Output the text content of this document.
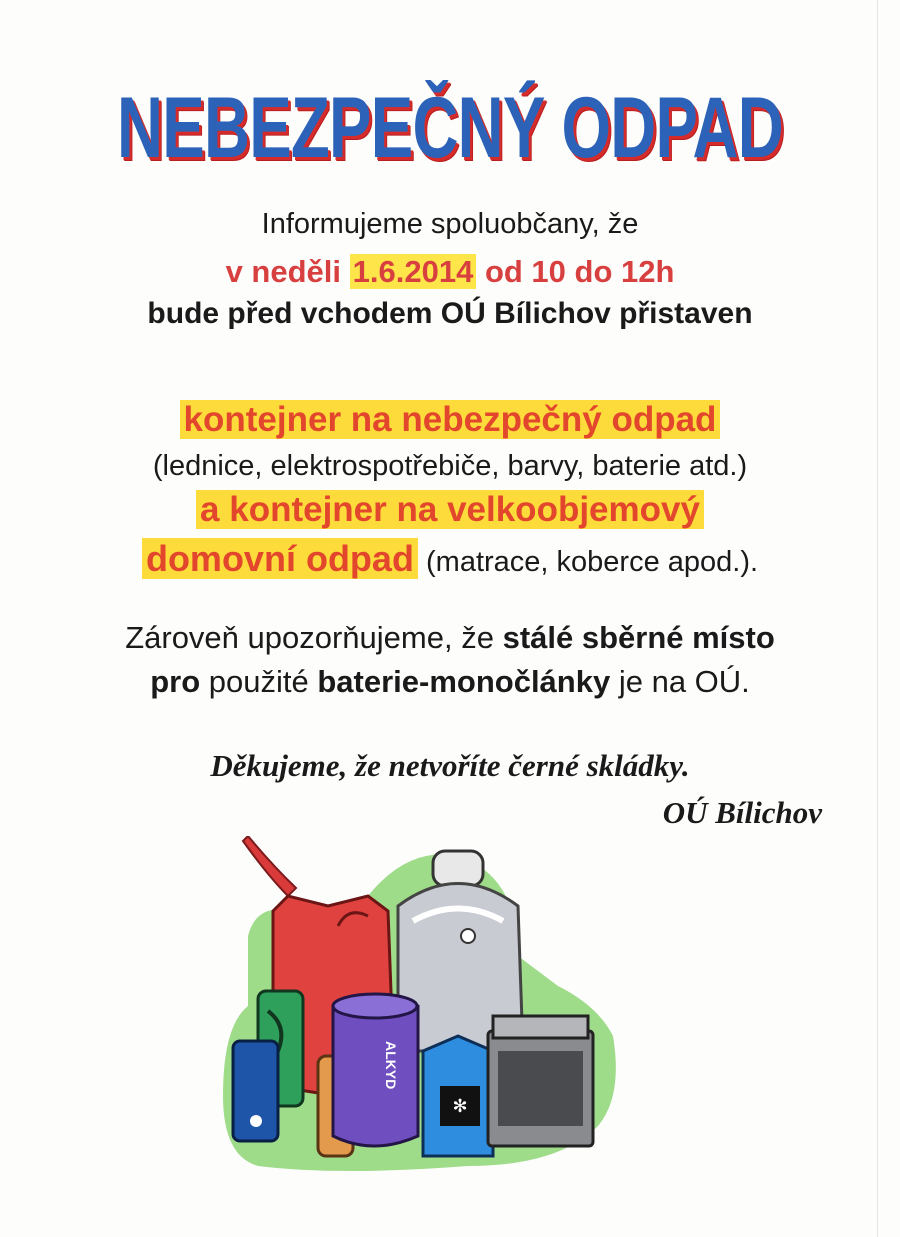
NEBEZPEČNÝ ODPAD
Informujeme spoluobčany, že
v neděli 1.6.2014 od 10 do 12h
bude před vchodem OÚ Bílichov přistaven
kontejner na nebezpečný odpad
(lednice, elektrospotřebiče, barvy, baterie atd.)
a kontejner na velkoobjemový
domovní odpad (matrace, koberce apod.).
Zároveň upozorňujeme, že stálé sběrné místo
pro použité baterie-monočlánky je na OÚ.
Děkujeme, že netvoříte černé skládky.
OÚ Bílichov
ALKYD
✻
